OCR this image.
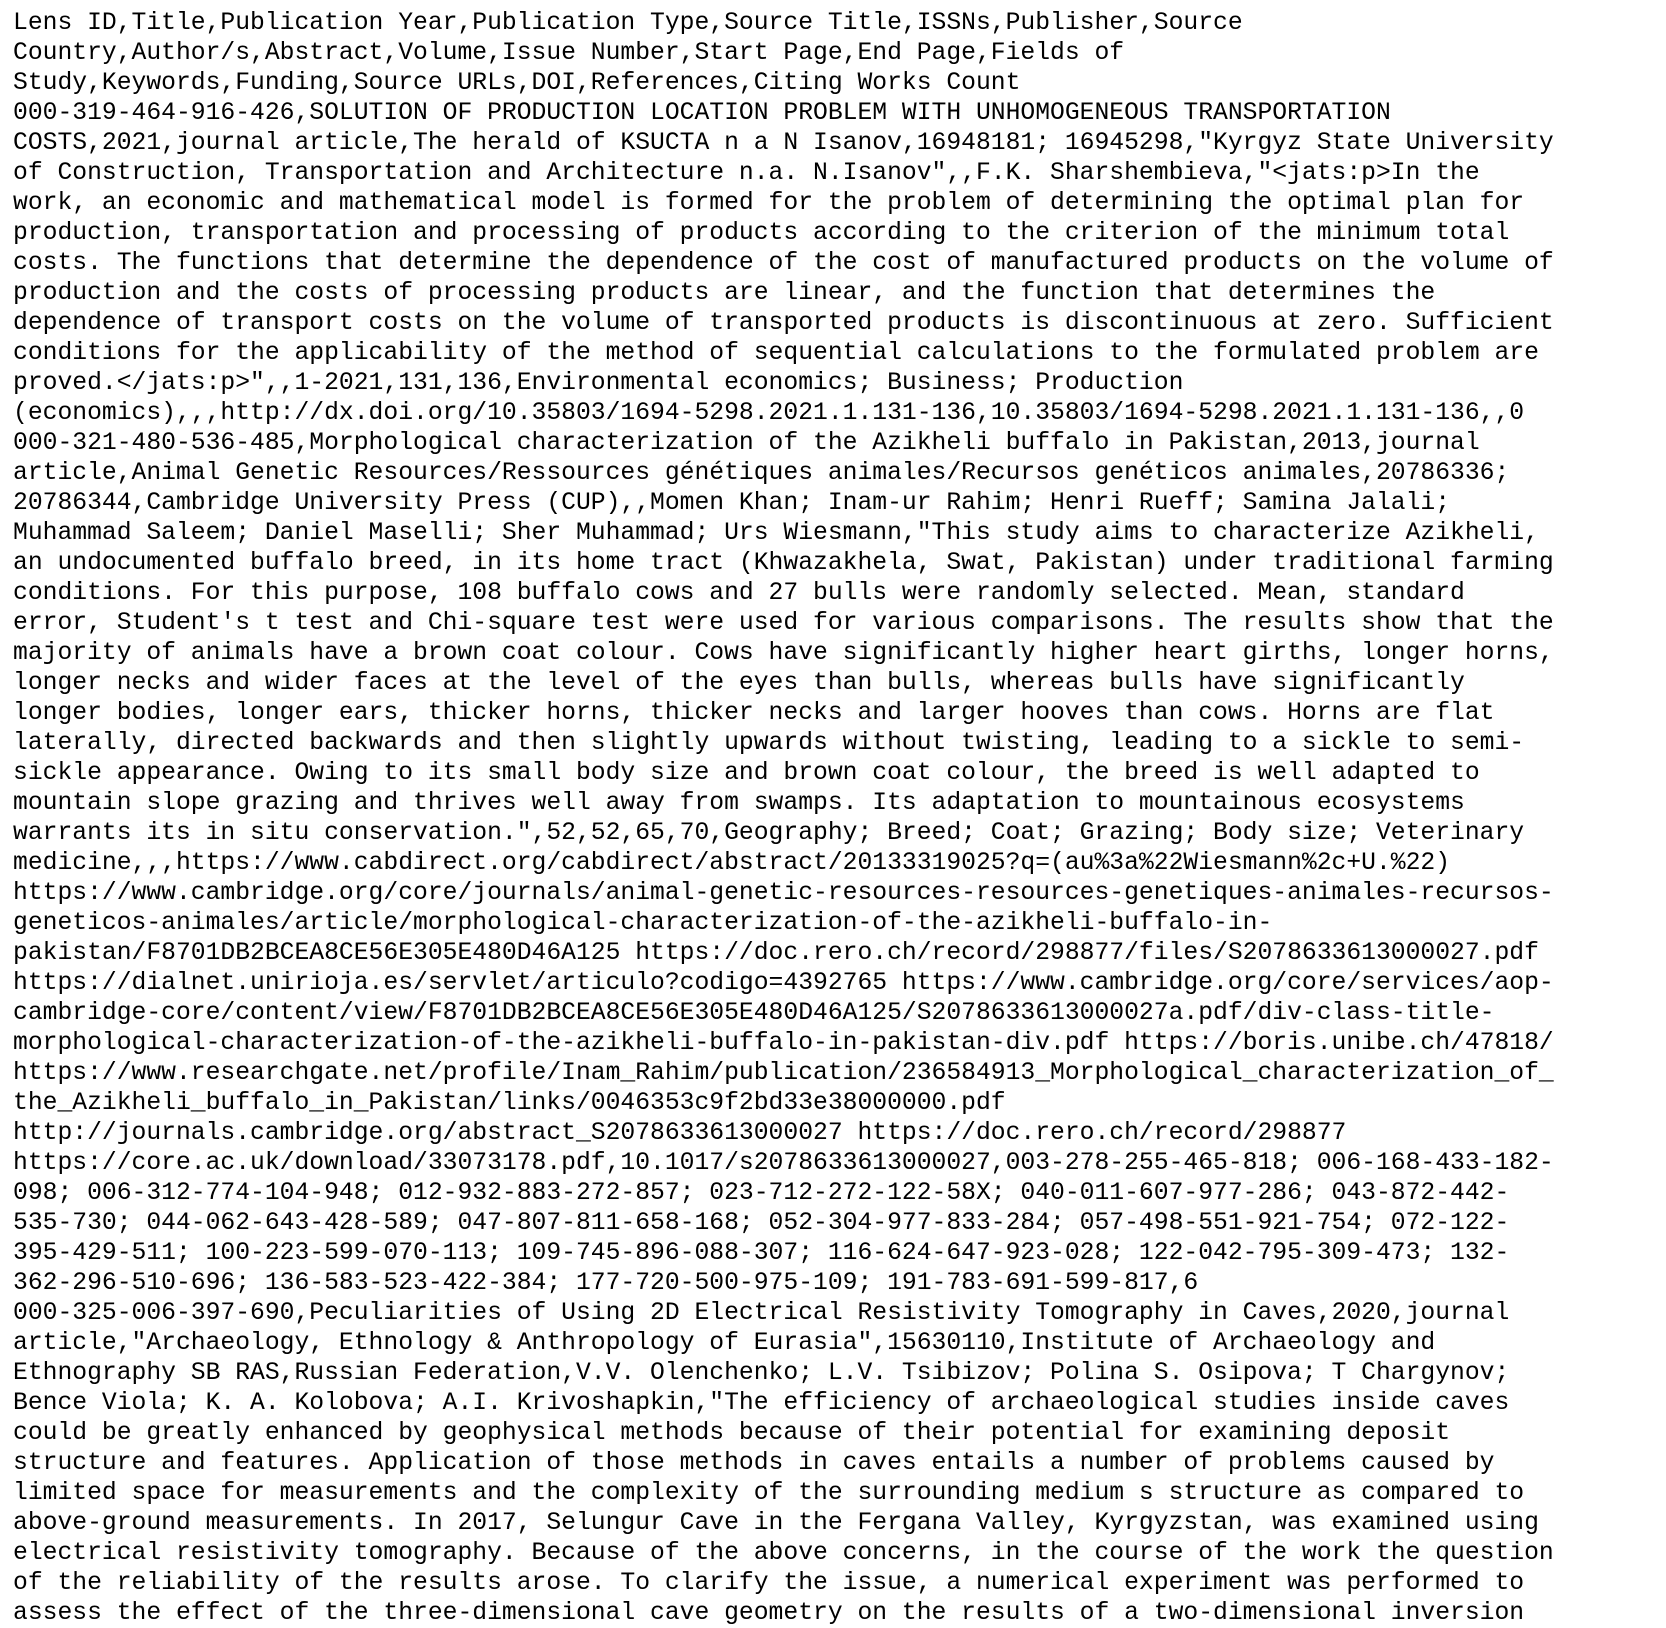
Lens ID,Title,Publication Year,Publication Type,Source Title,ISSNs,Publisher,Source
Country,Author/s,Abstract,Volume,Issue Number,Start Page,End Page,Fields of
Study,Keywords,Funding,Source URLs,DOI,References,Citing Works Count
000-319-464-916-426,SOLUTION OF PRODUCTION LOCATION PROBLEM WITH UNHOMOGENEOUS TRANSPORTATION
COSTS,2021,journal article,The herald of KSUCTA n a N Isanov,16948181; 16945298,"Kyrgyz State University
of Construction, Transportation and Architecture n.a. N.Isanov",,F.K. Sharshembieva,"<jats:p>In the
work, an economic and mathematical model is formed for the problem of determining the optimal plan for
production, transportation and processing of products according to the criterion of the minimum total
costs. The functions that determine the dependence of the cost of manufactured products on the volume of
production and the costs of processing products are linear, and the function that determines the
dependence of transport costs on the volume of transported products is discontinuous at zero. Sufficient
conditions for the applicability of the method of sequential calculations to the formulated problem are
proved.</jats:p>",,1-2021,131,136,Environmental economics; Business; Production
(economics),,,http://dx.doi.org/10.35803/1694-5298.2021.1.131-136,10.35803/1694-5298.2021.1.131-136,,0
000-321-480-536-485,Morphological characterization of the Azikheli buffalo in Pakistan,2013,journal
article,Animal Genetic Resources/Ressources génétiques animales/Recursos genéticos animales,20786336;
20786344,Cambridge University Press (CUP),,Momen Khan; Inam-ur Rahim; Henri Rueff; Samina Jalali;
Muhammad Saleem; Daniel Maselli; Sher Muhammad; Urs Wiesmann,"This study aims to characterize Azikheli,
an undocumented buffalo breed, in its home tract (Khwazakhela, Swat, Pakistan) under traditional farming
conditions. For this purpose, 108 buffalo cows and 27 bulls were randomly selected. Mean, standard
error, Student's t test and Chi-square test were used for various comparisons. The results show that the
majority of animals have a brown coat colour. Cows have significantly higher heart girths, longer horns,
longer necks and wider faces at the level of the eyes than bulls, whereas bulls have significantly
longer bodies, longer ears, thicker horns, thicker necks and larger hooves than cows. Horns are flat
laterally, directed backwards and then slightly upwards without twisting, leading to a sickle to semi-
sickle appearance. Owing to its small body size and brown coat colour, the breed is well adapted to
mountain slope grazing and thrives well away from swamps. Its adaptation to mountainous ecosystems
warrants its in situ conservation.",52,52,65,70,Geography; Breed; Coat; Grazing; Body size; Veterinary
medicine,,,https://www.cabdirect.org/cabdirect/abstract/20133319025?q=(au%3a%22Wiesmann%2c+U.%22)
https://www.cambridge.org/core/journals/animal-genetic-resources-resources-genetiques-animales-recursos-
geneticos-animales/article/morphological-characterization-of-the-azikheli-buffalo-in-
pakistan/F8701DB2BCEA8CE56E305E480D46A125 https://doc.rero.ch/record/298877/files/S2078633613000027.pdf
https://dialnet.unirioja.es/servlet/articulo?codigo=4392765 https://www.cambridge.org/core/services/aop-
cambridge-core/content/view/F8701DB2BCEA8CE56E305E480D46A125/S2078633613000027a.pdf/div-class-title-
morphological-characterization-of-the-azikheli-buffalo-in-pakistan-div.pdf https://boris.unibe.ch/47818/
https://www.researchgate.net/profile/Inam_Rahim/publication/236584913_Morphological_characterization_of_
the_Azikheli_buffalo_in_Pakistan/links/0046353c9f2bd33e38000000.pdf
http://journals.cambridge.org/abstract_S2078633613000027 https://doc.rero.ch/record/298877
https://core.ac.uk/download/33073178.pdf,10.1017/s2078633613000027,003-278-255-465-818; 006-168-433-182-
098; 006-312-774-104-948; 012-932-883-272-857; 023-712-272-122-58X; 040-011-607-977-286; 043-872-442-
535-730; 044-062-643-428-589; 047-807-811-658-168; 052-304-977-833-284; 057-498-551-921-754; 072-122-
395-429-511; 100-223-599-070-113; 109-745-896-088-307; 116-624-647-923-028; 122-042-795-309-473; 132-
362-296-510-696; 136-583-523-422-384; 177-720-500-975-109; 191-783-691-599-817,6
000-325-006-397-690,Peculiarities of Using 2D Electrical Resistivity Tomography in Caves,2020,journal
article,"Archaeology, Ethnology & Anthropology of Eurasia",15630110,Institute of Archaeology and
Ethnography SB RAS,Russian Federation,V.V. Olenchenko; L.V. Tsibizov; Polina S. Osipova; T Chargynov;
Bence Viola; K. A. Kolobova; A.I. Krivoshapkin,"The efficiency of archaeological studies inside caves
could be greatly enhanced by geophysical methods because of their potential for examining deposit
structure and features. Application of those methods in caves entails a number of problems caused by
limited space for measurements and the complexity of the surrounding medium s structure as compared to
above-ground measurements. In 2017, Selungur Cave in the Fergana Valley, Kyrgyzstan, was examined using
electrical resistivity tomography. Because of the above concerns, in the course of the work the question
of the reliability of the results arose. To clarify the issue, a numerical experiment was performed to
assess the effect of the three-dimensional cave geometry on the results of a two-dimensional inversion
